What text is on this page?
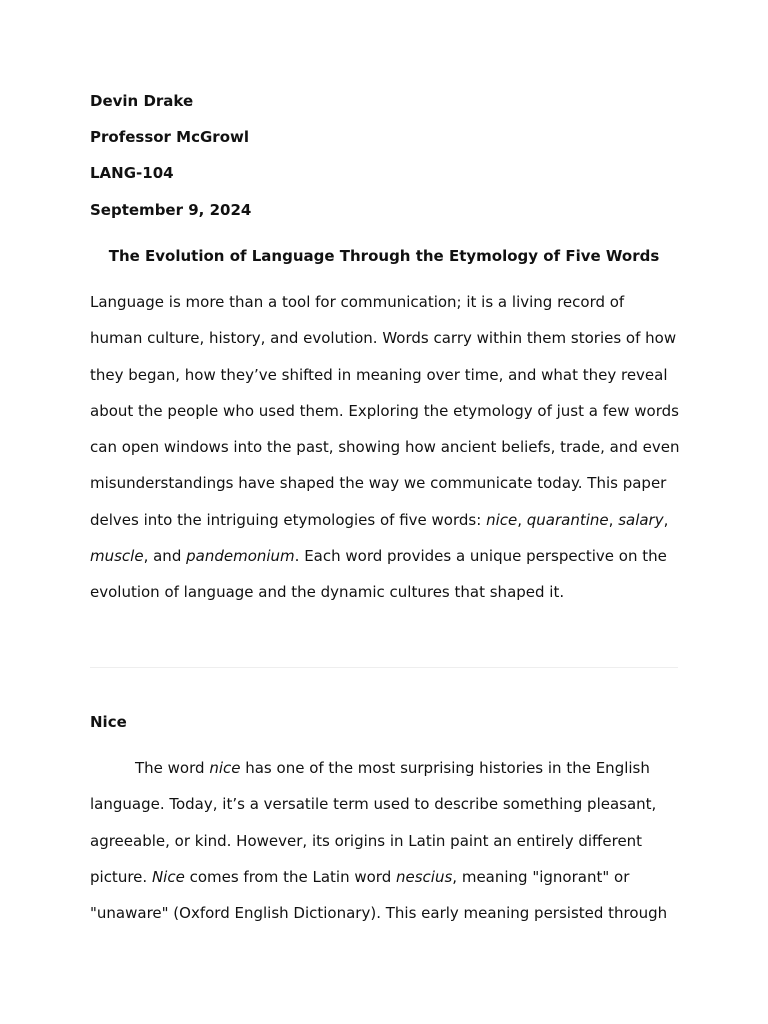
Devin Drake
Professor McGrowl
LANG-104
September 9, 2024
The Evolution of Language Through the Etymology of Five Words

Language is more than a tool for communication; it is a living record of human culture, history, and evolution. Words carry within them stories of how they began, how they’ve shifted in meaning over time, and what they reveal about the people who used them. Exploring the etymology of just a few words can open windows into the past, showing how ancient beliefs, trade, and even misunderstandings have shaped the way we communicate today. This paper delves into the intriguing etymologies of five words: nice, quarantine, salary, muscle, and pandemonium. Each word provides a unique perspective on the evolution of language and the dynamic cultures that shaped it.

Nice

The word nice has one of the most surprising histories in the English language. Today, it’s a versatile term used to describe something pleasant, agreeable, or kind. However, its origins in Latin paint an entirely different picture. Nice comes from the Latin word nescius, meaning "ignorant" or "unaware" (Oxford English Dictionary). This early meaning persisted through
